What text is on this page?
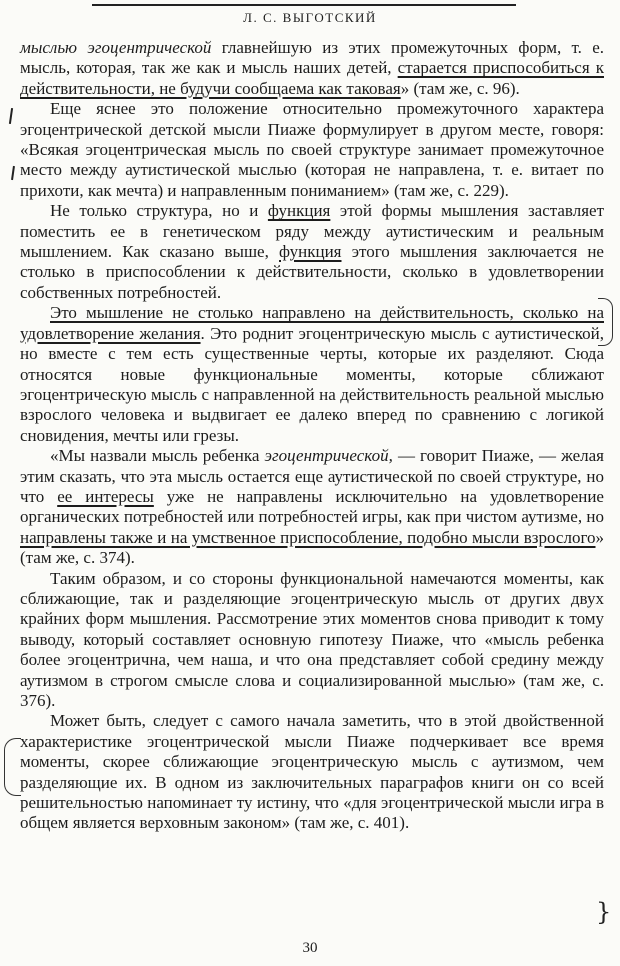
Л. С. ВЫГОТСКИЙ

мыслью эгоцентрической главнейшую из этих промежуточных форм, т. е. мысль, которая, так же как и мысль наших детей, старается приспособиться к действительности, не будучи сообщаема как таковая» (там же, с. 96).

Еще яснее это положение относительно промежуточного характера эгоцентрической детской мысли Пиаже формулирует в другом месте, говоря: «Всякая эгоцентрическая мысль по своей структуре занимает промежуточное место между аутистической мыслью (которая не направлена, т. е. витает по прихоти, как мечта) и направленным пониманием» (там же, с. 229).

Не только структура, но и функция этой формы мышления заставляет поместить ее в генетическом ряду между аутистическим и реальным мышлением. Как сказано выше, функция этого мышления заключается не столько в приспособлении к действительности, сколько в удовлетворении собственных потребностей.

Это мышление не столько направлено на действительность, сколько на удовлетворение желания. Это роднит эгоцентрическую мысль с аутистической, но вместе с тем есть существенные черты, которые их разделяют. Сюда относятся новые функциональные моменты, которые сближают эгоцентрическую мысль с направленной на действительность реальной мыслью взрослого человека и выдвигает ее далеко вперед по сравнению с логикой сновидения, мечты или грезы.

«Мы назвали мысль ребенка эгоцентрической, — говорит Пиаже, — желая этим сказать, что эта мысль остается еще аутистической по своей структуре, но что ее интересы уже не направлены исключительно на удовлетворение органических потребностей или потребностей игры, как при чистом аутизме, но направлены также и на умственное приспособление, подобно мысли взрослого» (там же, с. 374).

Таким образом, и со стороны функциональной намечаются моменты, как сближающие, так и разделяющие эгоцентрическую мысль от других двух крайних форм мышления. Рассмотрение этих моментов снова приводит к тому выводу, который составляет основную гипотезу Пиаже, что «мысль ребенка более эгоцентрична, чем наша, и что она представляет собой средину между аутизмом в строгом смысле слова и социализированной мыслью» (там же, с. 376).

Может быть, следует с самого начала заметить, что в этой двойственной характеристике эгоцентрической мысли Пиаже подчеркивает все время моменты, скорее сближающие эгоцентрическую мысль с аутизмом, чем разделяющие их. В одном из заключительных параграфов книги он со всей решительностью напоминает ту истину, что «для эгоцентрической мысли игра в общем является верховным законом» (там же, с. 401).

}
30
